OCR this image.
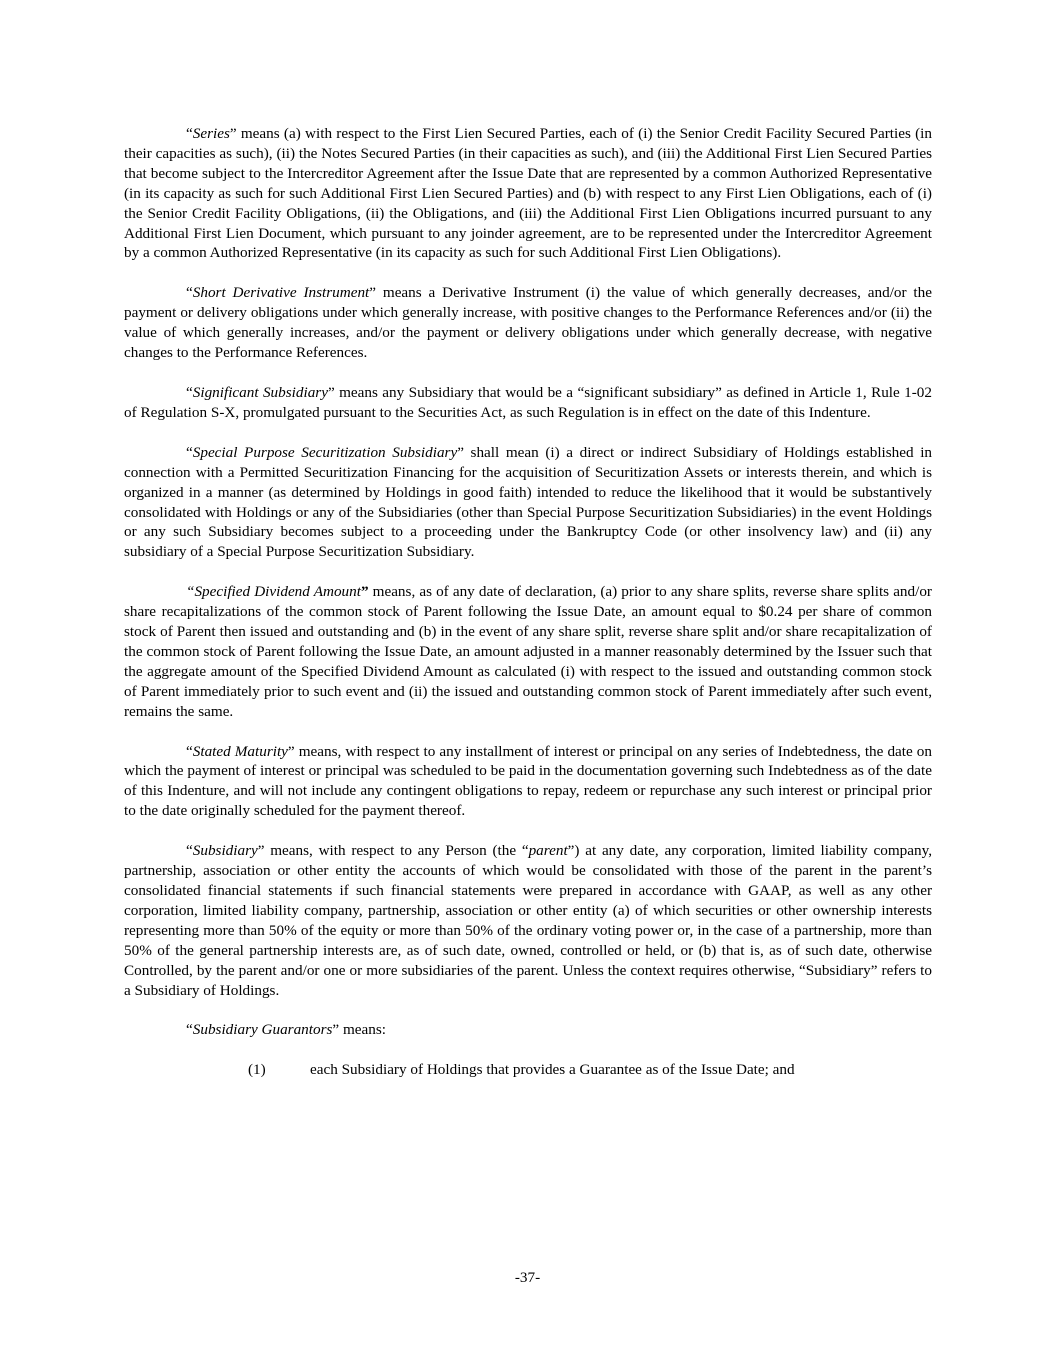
“Series” means (a) with respect to the First Lien Secured Parties, each of (i) the Senior Credit Facility Secured Parties (in their capacities as such), (ii) the Notes Secured Parties (in their capacities as such), and (iii) the Additional First Lien Secured Parties that become subject to the Intercreditor Agreement after the Issue Date that are represented by a common Authorized Representative (in its capacity as such for such Additional First Lien Secured Parties) and (b) with respect to any First Lien Obligations, each of (i) the Senior Credit Facility Obligations, (ii) the Obligations, and (iii) the Additional First Lien Obligations incurred pursuant to any Additional First Lien Document, which pursuant to any joinder agreement, are to be represented under the Intercreditor Agreement by a common Authorized Representative (in its capacity as such for such Additional First Lien Obligations).

“Short Derivative Instrument” means a Derivative Instrument (i) the value of which generally decreases, and/or the payment or delivery obligations under which generally increase, with positive changes to the Performance References and/or (ii) the value of which generally increases, and/or the payment or delivery obligations under which generally decrease, with negative changes to the Performance References.

“Significant Subsidiary” means any Subsidiary that would be a “significant subsidiary” as defined in Article 1, Rule 1-02 of Regulation S-X, promulgated pursuant to the Securities Act, as such Regulation is in effect on the date of this Indenture.

“Special Purpose Securitization Subsidiary” shall mean (i) a direct or indirect Subsidiary of Holdings established in connection with a Permitted Securitization Financing for the acquisition of Securitization Assets or interests therein, and which is organized in a manner (as determined by Holdings in good faith) intended to reduce the likelihood that it would be substantively consolidated with Holdings or any of the Subsidiaries (other than Special Purpose Securitization Subsidiaries) in the event Holdings or any such Subsidiary becomes subject to a proceeding under the Bankruptcy Code (or other insolvency law) and (ii) any subsidiary of a Special Purpose Securitization Subsidiary.

“Specified Dividend Amount” means, as of any date of declaration, (a) prior to any share splits, reverse share splits and/or share recapitalizations of the common stock of Parent following the Issue Date, an amount equal to $0.24 per share of common stock of Parent then issued and outstanding and (b) in the event of any share split, reverse share split and/or share recapitalization of the common stock of Parent following the Issue Date, an amount adjusted in a manner reasonably determined by the Issuer such that the aggregate amount of the Specified Dividend Amount as calculated (i) with respect to the issued and outstanding common stock of Parent immediately prior to such event and (ii) the issued and outstanding common stock of Parent immediately after such event, remains the same.

“Stated Maturity” means, with respect to any installment of interest or principal on any series of Indebtedness, the date on which the payment of interest or principal was scheduled to be paid in the documentation governing such Indebtedness as of the date of this Indenture, and will not include any contingent obligations to repay, redeem or repurchase any such interest or principal prior to the date originally scheduled for the payment thereof.

“Subsidiary” means, with respect to any Person (the “parent”) at any date, any corporation, limited liability company, partnership, association or other entity the accounts of which would be consolidated with those of the parent in the parent’s consolidated financial statements if such financial statements were prepared in accordance with GAAP, as well as any other corporation, limited liability company, partnership, association or other entity (a) of which securities or other ownership interests representing more than 50% of the equity or more than 50% of the ordinary voting power or, in the case of a partnership, more than 50% of the general partnership interests are, as of such date, owned, controlled or held, or (b) that is, as of such date, otherwise Controlled, by the parent and/or one or more subsidiaries of the parent. Unless the context requires otherwise, “Subsidiary” refers to a Subsidiary of Holdings.

“Subsidiary Guarantors” means:

(1)	each Subsidiary of Holdings that provides a Guarantee as of the Issue Date; and

-37-
